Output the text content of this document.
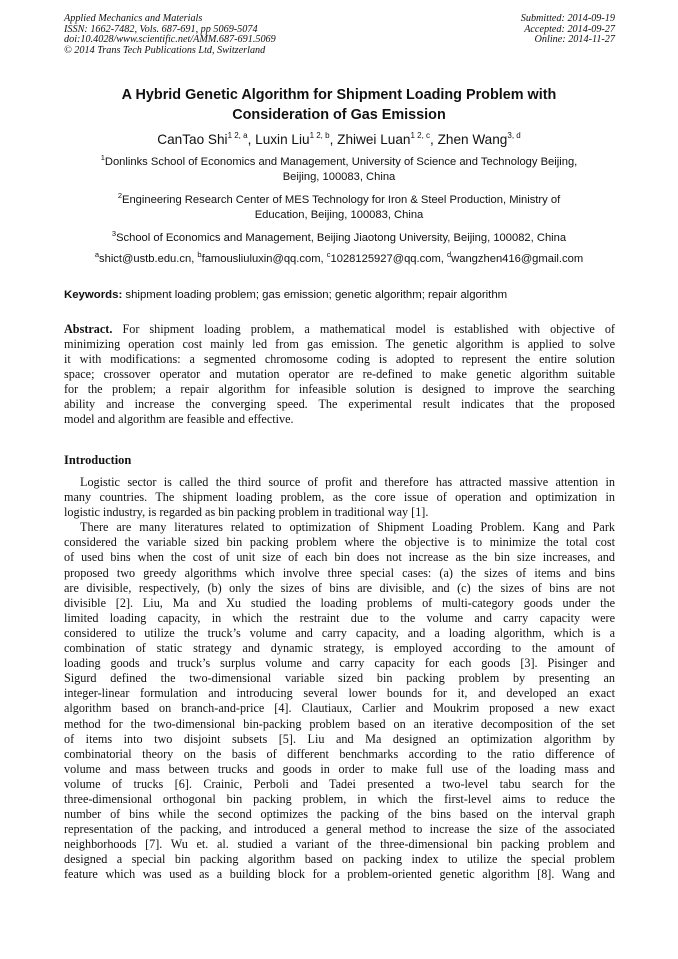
Applied Mechanics and Materials
ISSN: 1662-7482, Vols. 687-691, pp 5069-5074
doi:10.4028/www.scientific.net/AMM.687-691.5069
© 2014 Trans Tech Publications Ltd, Switzerland
Submitted: 2014-09-19
Accepted: 2014-09-27
Online: 2014-11-27
A Hybrid Genetic Algorithm for Shipment Loading Problem with
Consideration of Gas Emission
CanTao Shi$^{1 2, a}$, Luxin Liu$^{1 2, b}$, Zhiwei Luan$^{1 2, c}$, Zhen Wang$^{3, d}$
$^1$Donlinks School of Economics and Management, University of Science and Technology Beijing,
Beijing, 100083, China
$^2$Engineering Research Center of MES Technology for Iron & Steel Production, Ministry of
Education, Beijing, 100083, China
$^3$School of Economics and Management, Beijing Jiaotong University, Beijing, 100082, China
$^a$shict@ustb.edu.cn, $^b$famousliuluxin@qq.com, $^c$1028125927@qq.com, $^d$wangzhen416@gmail.com
Keywords: shipment loading problem; gas emission; genetic algorithm; repair algorithm
Abstract. For shipment loading problem, a mathematical model is established with objective of
minimizing operation cost mainly led from gas emission. The genetic algorithm is applied to solve
it with modifications: a segmented chromosome coding is adopted to represent the entire solution
space; crossover operator and mutation operator are re-defined to make genetic algorithm suitable
for the problem; a repair algorithm for infeasible solution is designed to improve the searching
ability and increase the converging speed. The experimental result indicates that the proposed
model and algorithm are feasible and effective.
Introduction
Logistic sector is called the third source of profit and therefore has attracted massive attention in
many countries. The shipment loading problem, as the core issue of operation and optimization in
logistic industry, is regarded as bin packing problem in traditional way [1].
There are many literatures related to optimization of Shipment Loading Problem. Kang and Park
considered the variable sized bin packing problem where the objective is to minimize the total cost
of used bins when the cost of unit size of each bin does not increase as the bin size increases, and
proposed two greedy algorithms which involve three special cases: (a) the sizes of items and bins
are divisible, respectively, (b) only the sizes of bins are divisible, and (c) the sizes of bins are not
divisible [2]. Liu, Ma and Xu studied the loading problems of multi-category goods under the
limited loading capacity, in which the restraint due to the volume and carry capacity were
considered to utilize the truck’s volume and carry capacity, and a loading algorithm, which is a
combination of static strategy and dynamic strategy, is employed according to the amount of
loading goods and truck’s surplus volume and carry capacity for each goods [3]. Pisinger and
Sigurd defined the two-dimensional variable sized bin packing problem by presenting an
integer-linear formulation and introducing several lower bounds for it, and developed an exact
algorithm based on branch-and-price [4]. Clautiaux, Carlier and Moukrim proposed a new exact
method for the two-dimensional bin-packing problem based on an iterative decomposition of the set
of items into two disjoint subsets [5]. Liu and Ma designed an optimization algorithm by
combinatorial theory on the basis of different benchmarks according to the ratio difference of
volume and mass between trucks and goods in order to make full use of the loading mass and
volume of trucks [6]. Crainic, Perboli and Tadei presented a two-level tabu search for the
three-dimensional orthogonal bin packing problem, in which the first-level aims to reduce the
number of bins while the second optimizes the packing of the bins based on the interval graph
representation of the packing, and introduced a general method to increase the size of the associated
neighborhoods [7]. Wu et. al. studied a variant of the three-dimensional bin packing problem and
designed a special bin packing algorithm based on packing index to utilize the special problem
feature which was used as a building block for a problem-oriented genetic algorithm [8]. Wang and
